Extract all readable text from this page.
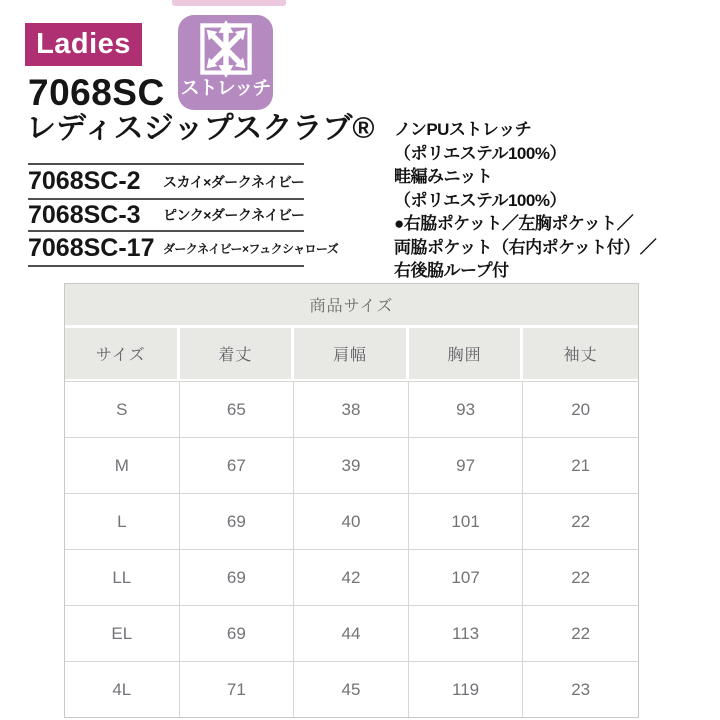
Ladies
ストレッチ
7068SC
レディスジップスクラブ® ノンPUストレッチ
（ポリエステル100%）
畦編みニット
（ポリエステル100%）
●右脇ポケット／左胸ポケット／
両脇ポケット（右内ポケット付）／
右後脇ループ付
7068SC-2 スカイ×ダークネイビー
7068SC-3 ピンク×ダークネイビー
7068SC-17 ダークネイビー×フュクシャローズ
商品サイズ
サイズ	着丈	肩幅	胸囲	袖丈
S	65	38	93	20
M	67	39	97	21
L	69	40	101	22
LL	69	42	107	22
EL	69	44	113	22
4L	71	45	119	23
